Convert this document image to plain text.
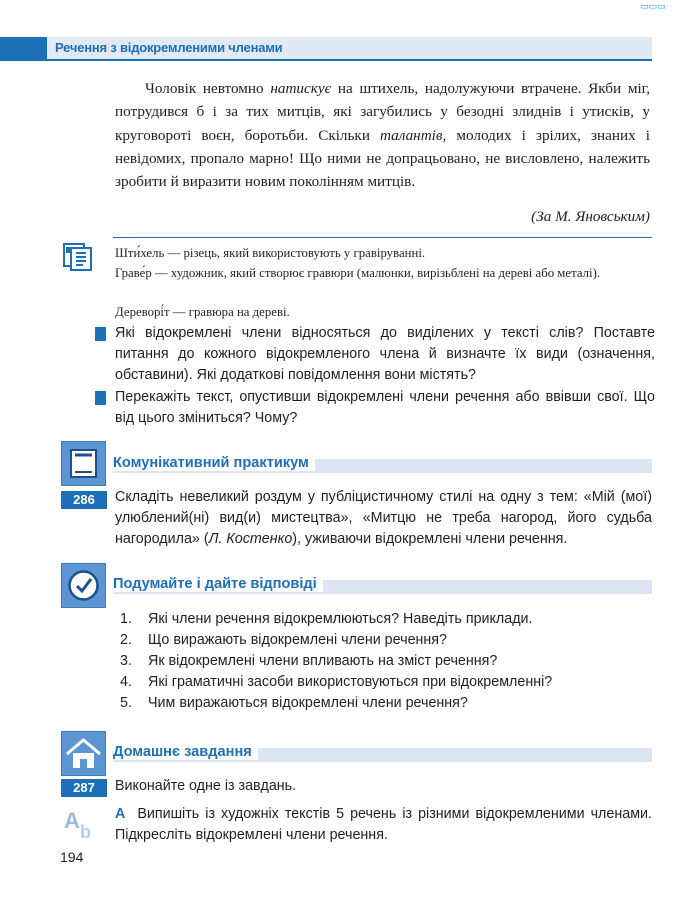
▭▭▭
Речення з відокремленими членами

Чоловік невтомно натискує на штихель, надолужуючи втрачене. Якби міг, потрудився б і за тих митців, які загубились у безодні злиднів і утисків, у круговороті воєн, боротьби. Скільки талантів, молодих і зрілих, знаних і невідомих, пропало марно! Що ними не допрацьовано, не висловлено, належить зробити й виразити новим поколінням митців.

(За М. Яновським)
Шти́хель — різець, який використовують у гравіруванні.
Граве́р — художник, який створює гравюри (малюнки, вирізьблені на дереві або металі).
Дереворі́т — гравюра на дереві.
Які відокремлені члени відносяться до виділених у тексті слів? Поставте питання до кожного відокремленого члена й визначте їх види (означення, обставини). Які додаткові повідомлення вони містять?
Перекажіть текст, опустивши відокремлені члени речення або ввівши свої. Що від цього зміниться? Чому?
Комунікативний практикум
286	Складіть невеликий роздум у публіцистичному стилі на одну з тем: «Мій (мої) улюблений(ні) вид(и) мистецтва», «Митцю не треба нагород, його судьба нагородила» (Л. Костенко), уживаючи відокремлені члени речення.
Подумайте і дайте відповіді
1. Які члени речення відокремлюються? Наведіть приклади.
2. Що виражають відокремлені члени речення?
3. Як відокремлені члени впливають на зміст речення?
4. Які граматичні засоби використовуються при відокремленні?
5. Чим виражаються відокремлені члени речення?
Домашнє завдання
287	Виконайте одне із завдань.
A b
А Випишіть із художніх текстів 5 речень із різними відокремленими членами. Підкресліть відокремлені члени речення.
194
